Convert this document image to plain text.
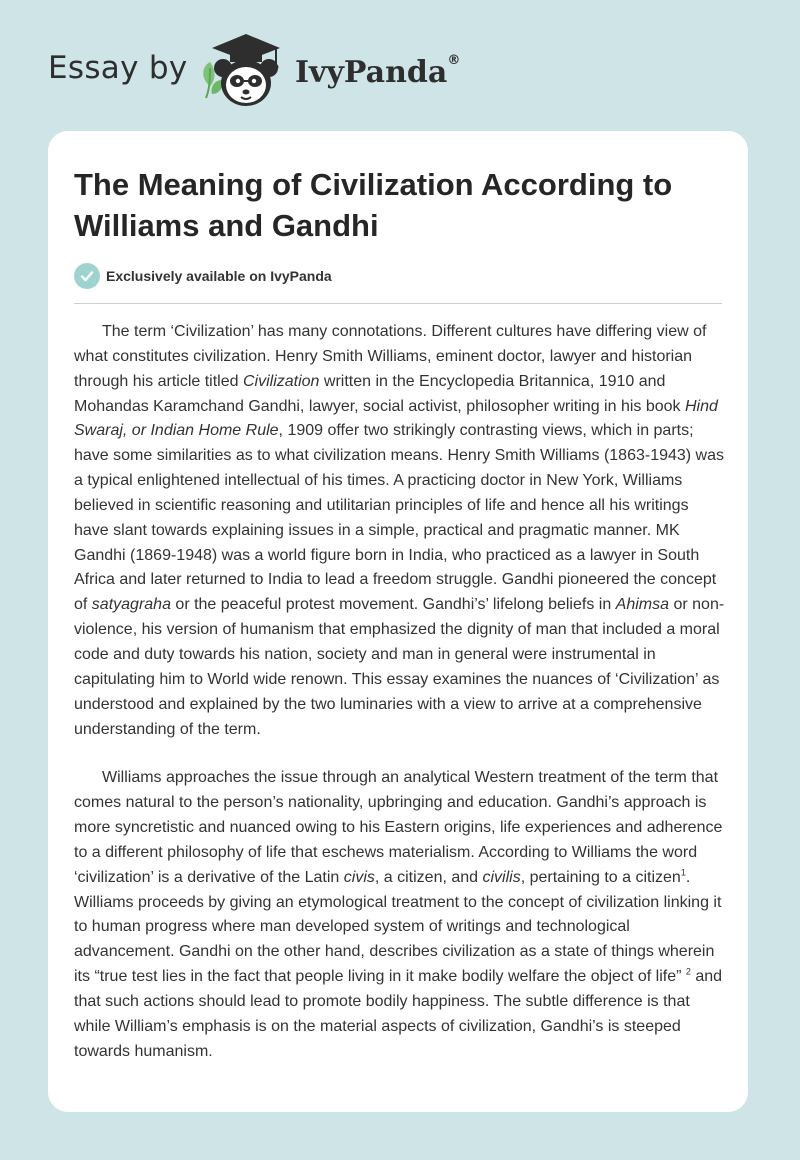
Essay by	IvyPanda®
The Meaning of Civilization According to Williams and Gandhi
Exclusively available on IvyPanda

The term ‘Civilization’ has many connotations. Different cultures have differing view of what constitutes civilization. Henry Smith Williams, eminent doctor, lawyer and historian through his article titled Civilization written in the Encyclopedia Britannica, 1910 and Mohandas Karamchand Gandhi, lawyer, social activist, philosopher writing in his book Hind Swaraj, or Indian Home Rule, 1909 offer two strikingly contrasting views, which in parts; have some similarities as to what civilization means. Henry Smith Williams (1863-1943) was a typical enlightened intellectual of his times. A practicing doctor in New York, Williams believed in scientific reasoning and utilitarian principles of life and hence all his writings have slant towards explaining issues in a simple, practical and pragmatic manner. MK Gandhi (1869-1948) was a world figure born in India, who practiced as a lawyer in South Africa and later returned to India to lead a freedom struggle. Gandhi pioneered the concept of satyagraha or the peaceful protest movement. Gandhi’s’ lifelong beliefs in Ahimsa or non-violence, his version of humanism that emphasized the dignity of man that included a moral code and duty towards his nation, society and man in general were instrumental in capitulating him to World wide renown. This essay examines the nuances of ‘Civilization’ as understood and explained by the two luminaries with a view to arrive at a comprehensive understanding of the term.

Williams approaches the issue through an analytical Western treatment of the term that comes natural to the person’s nationality, upbringing and education. Gandhi’s approach is more syncretistic and nuanced owing to his Eastern origins, life experiences and adherence to a different philosophy of life that eschews materialism. According to Williams the word ‘civilization’ is a derivative of the Latin civis, a citizen, and civilis, pertaining to a citizen$^1$. Williams proceeds by giving an etymological treatment to the concept of civilization linking it to human progress where man developed system of writings and technological advancement. Gandhi on the other hand, describes civilization as a state of things wherein its “true test lies in the fact that people living in it make bodily welfare the object of life” $^2$ and that such actions should lead to promote bodily happiness. The subtle difference is that while William’s emphasis is on the material aspects of civilization, Gandhi’s is steeped towards humanism.
